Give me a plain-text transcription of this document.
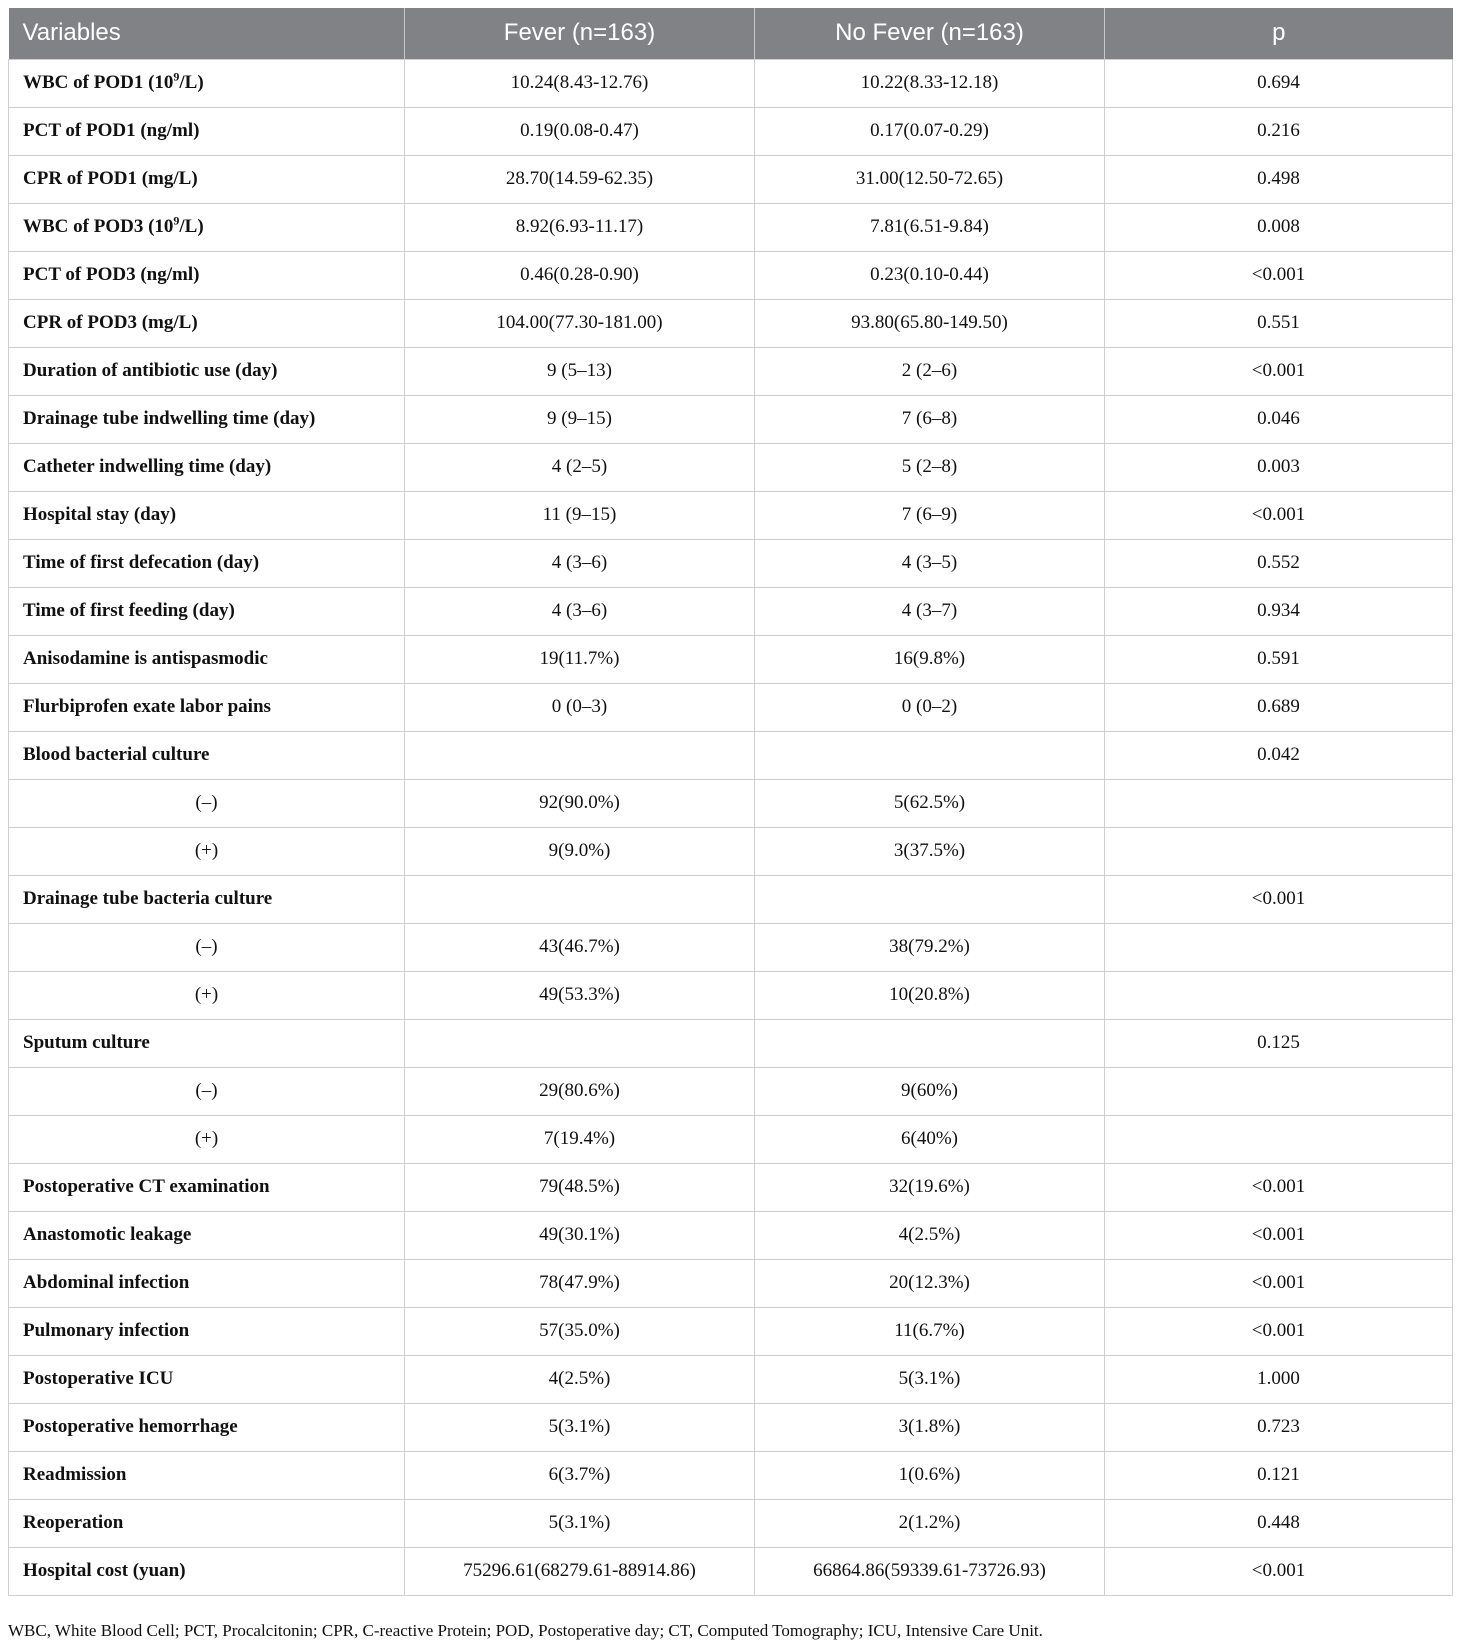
Variables	Fever (n=163)	No Fever (n=163)	p
WBC of POD1 $(10^9/L)$	10.24(8.43-12.76)	10.22(8.33-12.18)	0.694
PCT of POD1 (ng/ml)	0.19(0.08-0.47)	0.17(0.07-0.29)	0.216
CPR of POD1 (mg/L)	28.70(14.59-62.35)	31.00(12.50-72.65)	0.498
WBC of POD3 $(10^9/L)$	8.92(6.93-11.17)	7.81(6.51-9.84)	0.008
PCT of POD3 (ng/ml)	0.46(0.28-0.90)	0.23(0.10-0.44)	<0.001
CPR of POD3 (mg/L)	104.00(77.30-181.00)	93.80(65.80-149.50)	0.551
Duration of antibiotic use (day)	9 (5–13)	2 (2–6)	<0.001
Drainage tube indwelling time (day)	9 (9–15)	7 (6–8)	0.046
Catheter indwelling time (day)	4 (2–5)	5 (2–8)	0.003
Hospital stay (day)	11 (9–15)	7 (6–9)	<0.001
Time of first defecation (day)	4 (3–6)	4 (3–5)	0.552
Time of first feeding (day)	4 (3–6)	4 (3–7)	0.934
Anisodamine is antispasmodic	19(11.7%)	16(9.8%)	0.591
Flurbiprofen exate labor pains	0 (0–3)	0 (0–2)	0.689
Blood bacterial culture			0.042
(–)	92(90.0%)	5(62.5%)	
(+)	9(9.0%)	3(37.5%)	
Drainage tube bacteria culture			<0.001
(–)	43(46.7%)	38(79.2%)	
(+)	49(53.3%)	10(20.8%)	
Sputum culture			0.125
(–)	29(80.6%)	9(60%)	
(+)	7(19.4%)	6(40%)	
Postoperative CT examination	79(48.5%)	32(19.6%)	<0.001
Anastomotic leakage	49(30.1%)	4(2.5%)	<0.001
Abdominal infection	78(47.9%)	20(12.3%)	<0.001
Pulmonary infection	57(35.0%)	11(6.7%)	<0.001
Postoperative ICU	4(2.5%)	5(3.1%)	1.000
Postoperative hemorrhage	5(3.1%)	3(1.8%)	0.723
Readmission	6(3.7%)	1(0.6%)	0.121
Reoperation	5(3.1%)	2(1.2%)	0.448
Hospital cost (yuan)	75296.61(68279.61-88914.86)	66864.86(59339.61-73726.93)	<0.001
WBC, White Blood Cell; PCT, Procalcitonin; CPR, C-reactive Protein; POD, Postoperative day; CT, Computed Tomography; ICU, Intensive Care Unit.
